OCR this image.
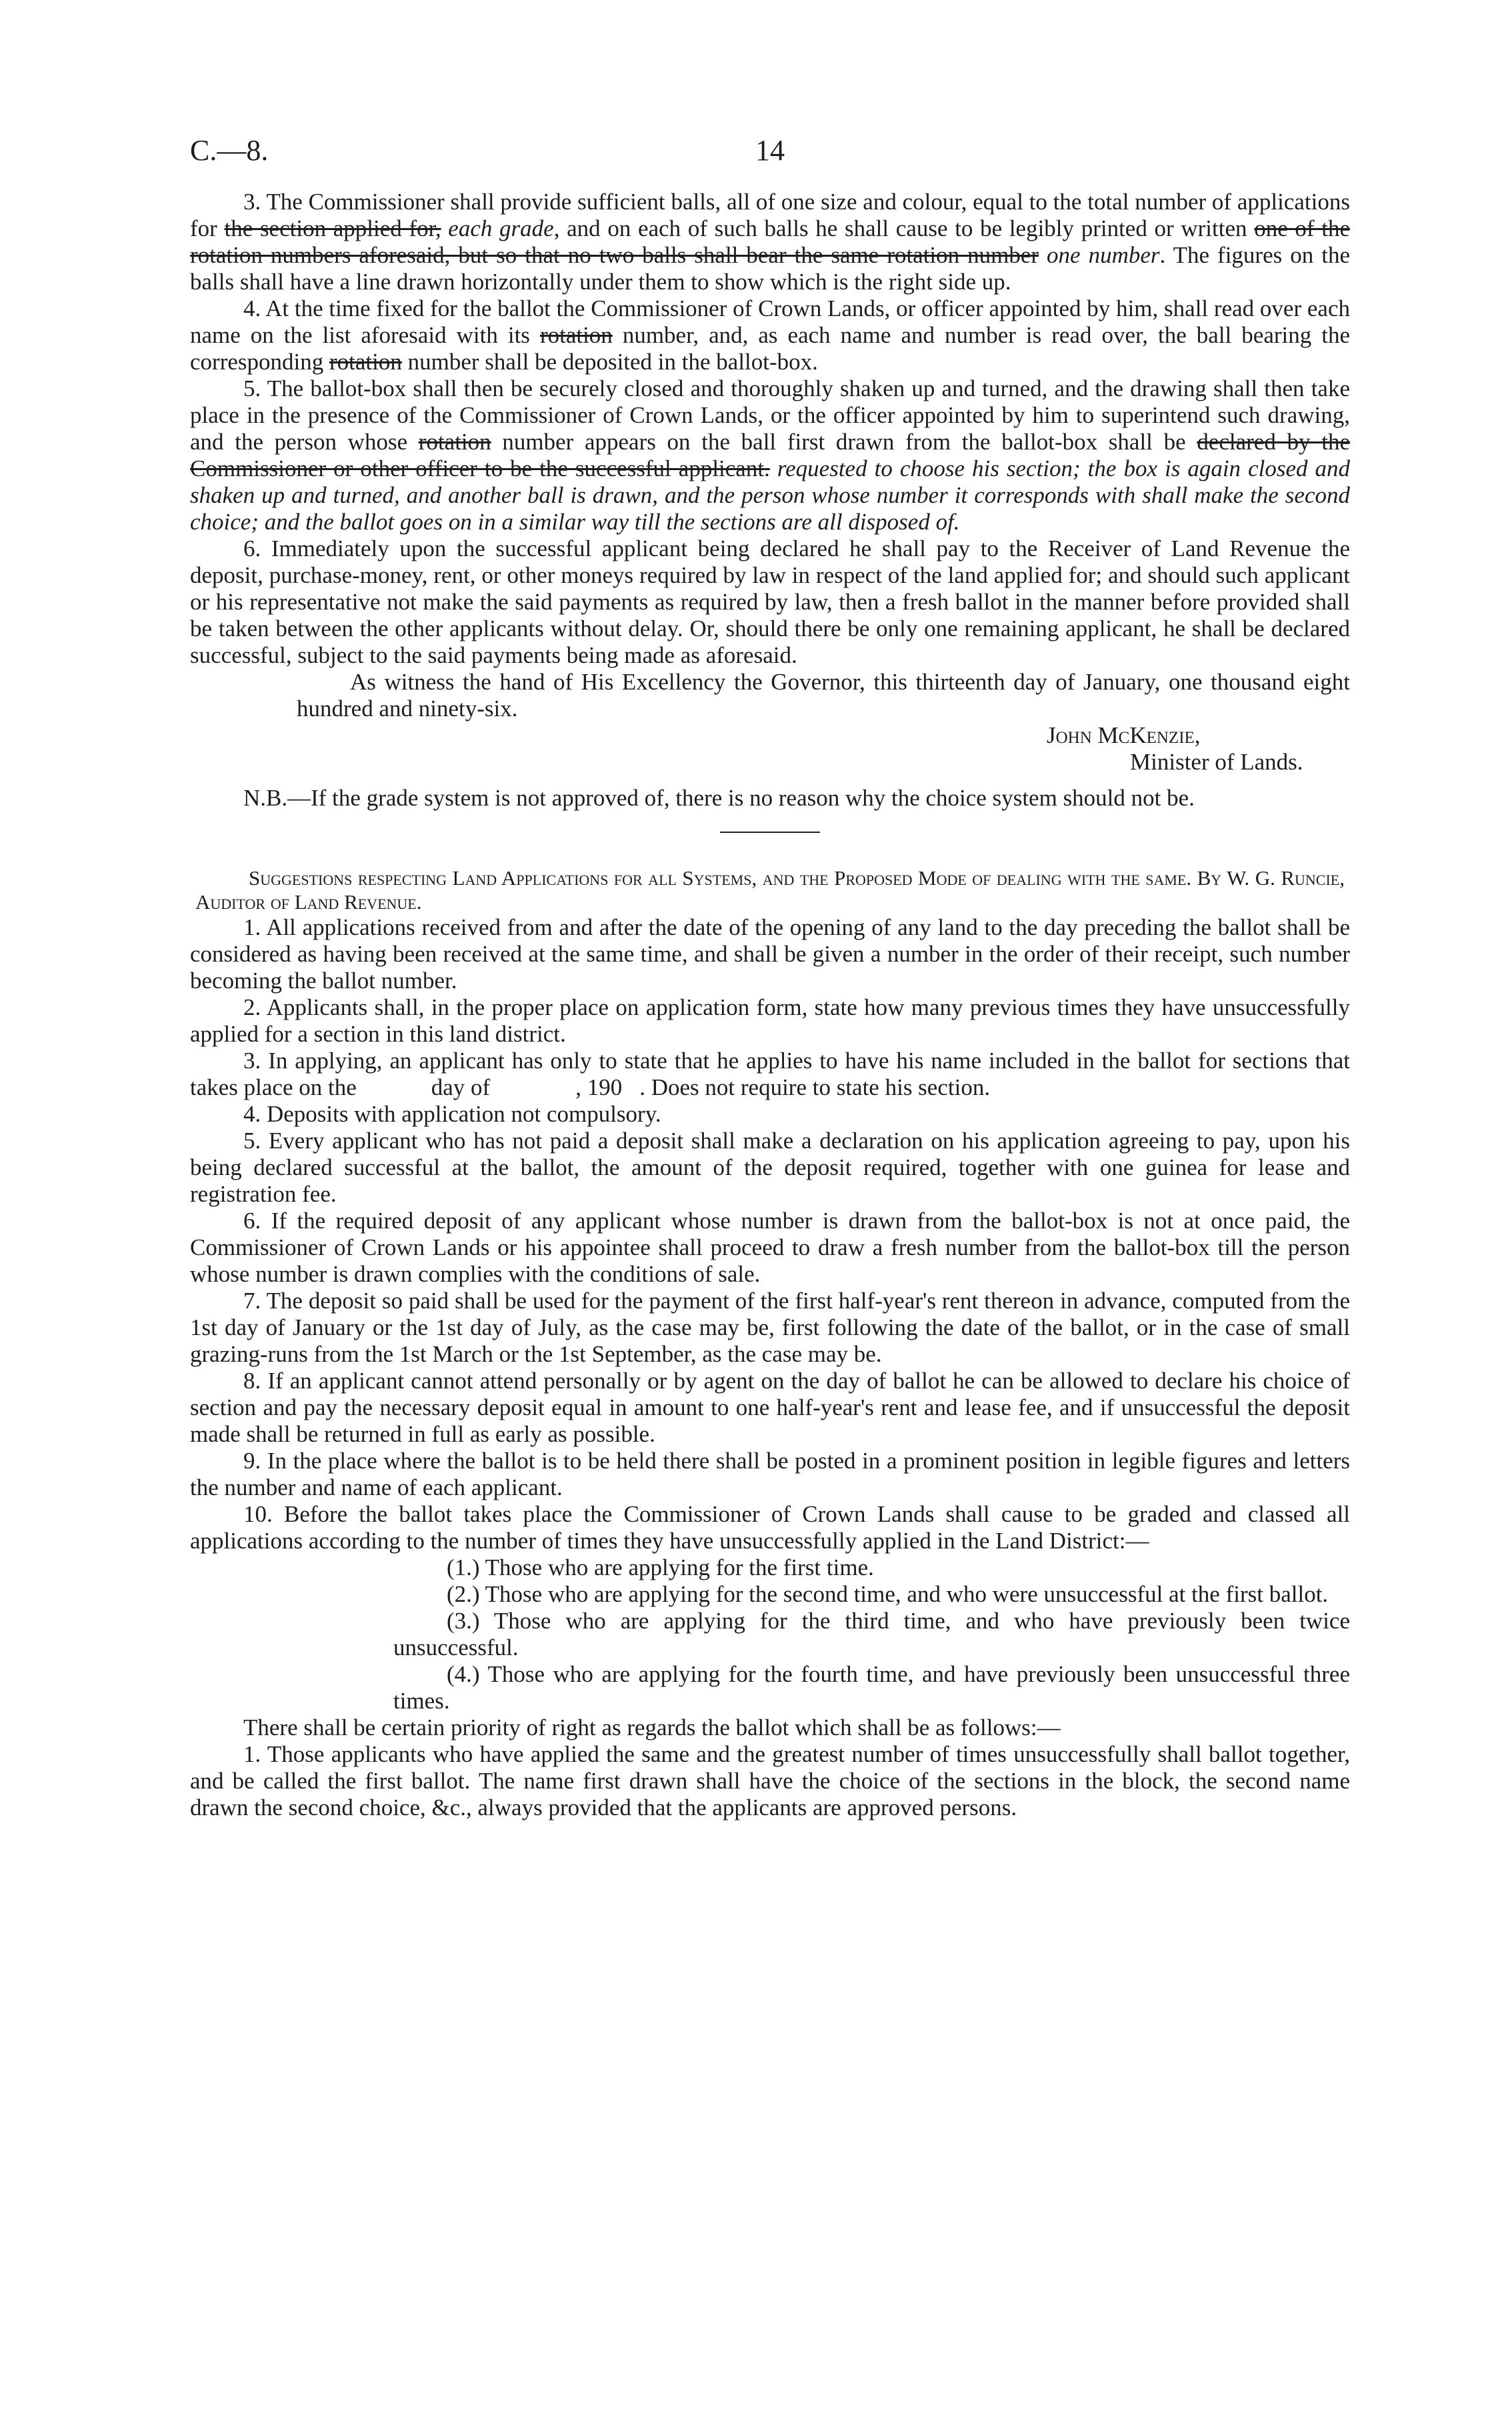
C.—8.	14

3. The Commissioner shall provide sufficient balls, all of one size and colour, equal to the total number of applications for the section applied for, each grade, and on each of such balls he shall cause to be legibly printed or written one of the rotation numbers aforesaid, but so that no two balls shall bear the same rotation number one number. The figures on the balls shall have a line drawn horizontally under them to show which is the right side up.

4. At the time fixed for the ballot the Commissioner of Crown Lands, or officer appointed by him, shall read over each name on the list aforesaid with its rotation number, and, as each name and number is read over, the ball bearing the corresponding rotation number shall be deposited in the ballot-box.

5. The ballot-box shall then be securely closed and thoroughly shaken up and turned, and the drawing shall then take place in the presence of the Commissioner of Crown Lands, or the officer appointed by him to superintend such drawing, and the person whose rotation number appears on the ball first drawn from the ballot-box shall be declared by the Commissioner or other officer to be the successful applicant. requested to choose his section; the box is again closed and shaken up and turned, and another ball is drawn, and the person whose number it corresponds with shall make the second choice; and the ballot goes on in a similar way till the sections are all disposed of.

6. Immediately upon the successful applicant being declared he shall pay to the Receiver of Land Revenue the deposit, purchase-money, rent, or other moneys required by law in respect of the land applied for; and should such applicant or his representative not make the said payments as required by law, then a fresh ballot in the manner before provided shall be taken between the other applicants without delay. Or, should there be only one remaining applicant, he shall be declared successful, subject to the said payments being made as aforesaid.

As witness the hand of His Excellency the Governor, this thirteenth day of January, one thousand eight hundred and ninety-six.

John McKenzie,

Minister of Lands.

N.B.—If the grade system is not approved of, there is no reason why the choice system should not be.

Suggestions respecting Land Applications for all Systems, and the Proposed Mode of dealing with the same. By W. G. Runcie, Auditor of Land Revenue.

1. All applications received from and after the date of the opening of any land to the day preceding the ballot shall be considered as having been received at the same time, and shall be given a number in the order of their receipt, such number becoming the ballot number.

2. Applicants shall, in the proper place on application form, state how many previous times they have unsuccessfully applied for a section in this land district.

3. In applying, an applicant has only to state that he applies to have his name included in the ballot for sections that takes place on the	day of	, 190 . Does not require to state his section.

4. Deposits with application not compulsory.

5. Every applicant who has not paid a deposit shall make a declaration on his application agreeing to pay, upon his being declared successful at the ballot, the amount of the deposit required, together with one guinea for lease and registration fee.

6. If the required deposit of any applicant whose number is drawn from the ballot-box is not at once paid, the Commissioner of Crown Lands or his appointee shall proceed to draw a fresh number from the ballot-box till the person whose number is drawn complies with the conditions of sale.

7. The deposit so paid shall be used for the payment of the first half-year's rent thereon in advance, computed from the 1st day of January or the 1st day of July, as the case may be, first following the date of the ballot, or in the case of small grazing-runs from the 1st March or the 1st September, as the case may be.

8. If an applicant cannot attend personally or by agent on the day of ballot he can be allowed to declare his choice of section and pay the necessary deposit equal in amount to one half-year's rent and lease fee, and if unsuccessful the deposit made shall be returned in full as early as possible.

9. In the place where the ballot is to be held there shall be posted in a prominent position in legible figures and letters the number and name of each applicant.

10. Before the ballot takes place the Commissioner of Crown Lands shall cause to be graded and classed all applications according to the number of times they have unsuccessfully applied in the Land District:—

(1.) Those who are applying for the first time.

(2.) Those who are applying for the second time, and who were unsuccessful at the first ballot.

(3.) Those who are applying for the third time, and who have previously been twice unsuccessful.

(4.) Those who are applying for the fourth time, and have previously been unsuccessful three times.

There shall be certain priority of right as regards the ballot which shall be as follows:—

1. Those applicants who have applied the same and the greatest number of times unsuccessfully shall ballot together, and be called the first ballot. The name first drawn shall have the choice of the sections in the block, the second name drawn the second choice, &c., always provided that the applicants are approved persons.
